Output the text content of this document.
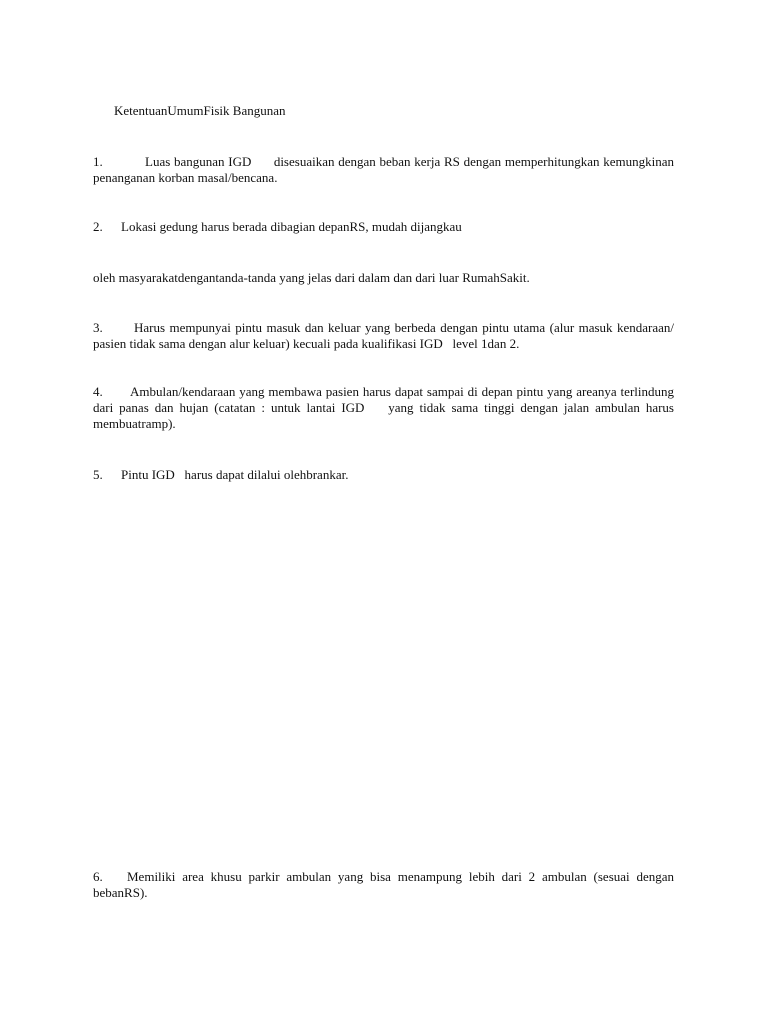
KetentuanUmumFisik Bangunan
1.	Luas bangunan IGD      disesuaikan dengan beban kerja RS dengan memperhitungkan kemungkinan penanganan korban masal/bencana.
2. Lokasi gedung harus berada dibagian depanRS, mudah dijangkau
oleh masyarakatdengantanda-tanda yang jelas dari dalam dan dari luar RumahSakit.
3. Harus mempunyai pintu masuk dan keluar yang berbeda dengan pintu utama (alur masuk kendaraan/ pasien tidak sama dengan alur keluar) kecuali pada kualifikasi IGD   level 1dan 2.
4. Ambulan/kendaraan yang membawa pasien harus dapat sampai di depan pintu yang areanya terlindung dari panas dan hujan (catatan : untuk lantai IGD    yang tidak sama tinggi dengan jalan ambulan harus membuatramp).
5. Pintu IGD   harus dapat dilalui olehbrankar.
6. Memiliki area khusu parkir ambulan yang bisa menampung lebih dari 2 ambulan (sesuai dengan bebanRS).
